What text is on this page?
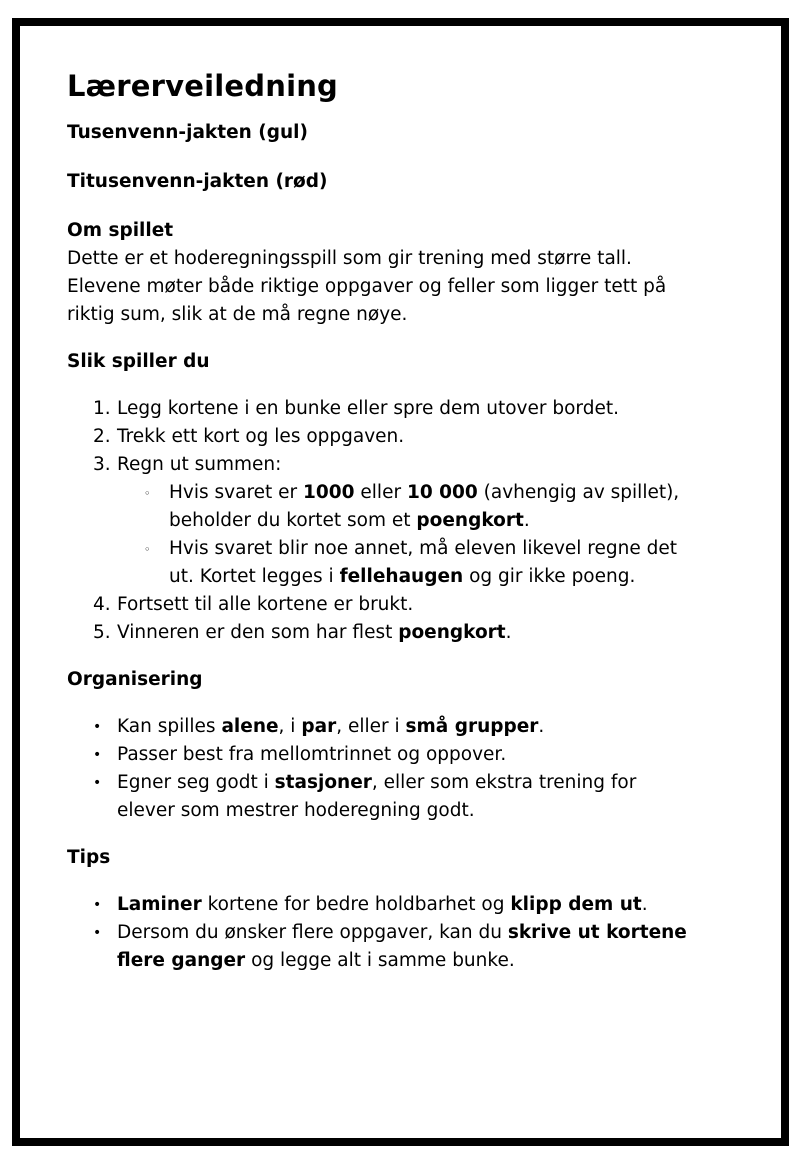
Lærerveiledning
Tusenvenn-jakten (gul)
Titusenvenn-jakten (rød)
Om spillet

Dette er et hoderegningsspill som gir trening med større tall. Elevene møter både riktige oppgaver og feller som ligger tett på riktig sum, slik at de må regne nøye.

Slik spiller du
1. Legg kortene i en bunke eller spre dem utover bordet.
2. Trekk ett kort og les oppgaven.
3. Regn ut summen:
◦ Hvis svaret er 1000 eller 10 000 (avhengig av spillet), beholder du kortet som et poengkort.
◦ Hvis svaret blir noe annet, må eleven likevel regne det ut. Kortet legges i fellehaugen og gir ikke poeng.
4. Fortsett til alle kortene er brukt.
5. Vinneren er den som har flest poengkort.
Organisering
• Kan spilles alene, i par, eller i små grupper.
• Passer best fra mellomtrinnet og oppover.
• Egner seg godt i stasjoner, eller som ekstra trening for elever som mestrer hoderegning godt.
Tips
• Laminer kortene for bedre holdbarhet og klipp dem ut.
• Dersom du ønsker flere oppgaver, kan du skrive ut kortene flere ganger og legge alt i samme bunke.
